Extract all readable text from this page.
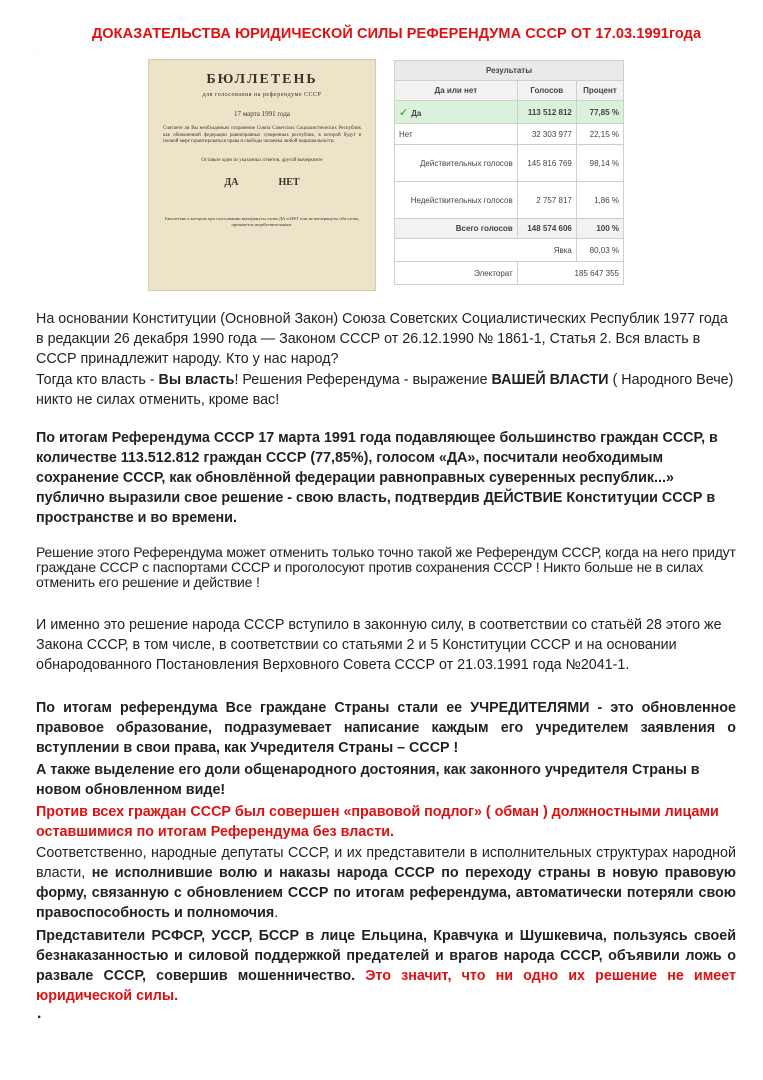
ДОКАЗАТЕЛЬСТВА ЮРИДИЧЕСКОЙ СИЛЫ РЕФЕРЕНДУМА СССР ОТ 17.03.1991года
·
БЮЛЛЕТЕНЬ
для голосования на референдуме СССР
17 марта 1991 года
Считаете ли Вы необходимым сохранение Союза Советских Социалистических Республик как обновленной федерации равноправных суверенных республик, в которой будут в полной мере гарантироваться права и свободы человека любой национальности.
Оставьте один из указанных ответов, другой вычеркните
ДА	НЕТ
Бюллетень в котором при голосовании вычеркнуты слова ДА и НЕТ или не вычеркнуты оба слова, признается недействительным.
Результаты		
Да или нет	Голосов	Процент
✓ Да	113 512 812	77,85 %
Нет	32 303 977	22,15 %
Действительных голосов	145 816 769	98,14 %
Недействительных голосов	2 757 817	1,86 %
Всего голосов	148 574 606	100 %
Явка		80,03 %
Электорат	185 647 355	

На основании Конституции (Основной Закон) Союза Советских Социалистических Республик 1977 года в редакции 26 декабря 1990 года — Законом СССР от 26.12.1990 № 1861-1, Статья 2. Вся власть в СССР принадлежит народу. Кто у нас народ?

Тогда кто власть - Вы власть! Решения Референдума - выражение ВАШЕЙ ВЛАСТИ ( Народного Вече) никто не силах отменить, кроме вас!

По итогам Референдума СССР 17 марта 1991 года подавляющее большинство граждан СССР, в количестве 113.512.812 граждан СССР (77,85%), голосом «ДА», посчитали необходимым сохранение СССР, как обновлённой федерации равноправных суверенных республик...» публично выразили свое решение - свою власть, подтвердив ДЕЙСТВИЕ Конституции СССР в пространстве и во времени.

Решение этого Референдума может отменить только точно такой же Референдум СССР, когда на него придут граждане СССР с паспортами СССР и проголосуют против сохранения СССР ! Никто больше не в силах отменить его решение и действие !

И именно это решение народа СССР вступило в законную силу, в соответствии со статьёй 28 этого же Закона СССР, в том числе, в соответствии со статьями 2 и 5 Конституции СССР и на основании обнародованного Постановления Верховного Совета СССР от 21.03.1991 года №2041-1.

По итогам референдума Все граждане Страны стали ее УЧРЕДИТЕЛЯМИ - это обновленное правовое образование, подразумевает написание каждым его учредителем заявления о вступлении в свои права, как Учредителя Страны – СССР !

А также выделение его доли общенародного достояния, как законного учредителя Страны в новом обновленном виде!

Против всех граждан СССР был совершен «правовой подлог» ( обман ) должностными лицами оставшимися по итогам Референдума без власти.

Соответственно, народные депутаты СССР, и их представители в исполнительных структурах народной власти, не исполнившие волю и наказы народа СССР по переходу страны в новую правовую форму, связанную с обновлением СССР по итогам референдума, автоматически потеряли свою правоспособность и полномочия.

Представители РСФСР, УССР, БССР в лице Ельцина, Кравчука и Шушкевича, пользуясь своей безнаказанностью и силовой поддержкой предателей и врагов народа СССР, объявили ложь о развале СССР, совершив мошенничество. Это значит, что ни одно их решение не имеет юридической силы.

.
